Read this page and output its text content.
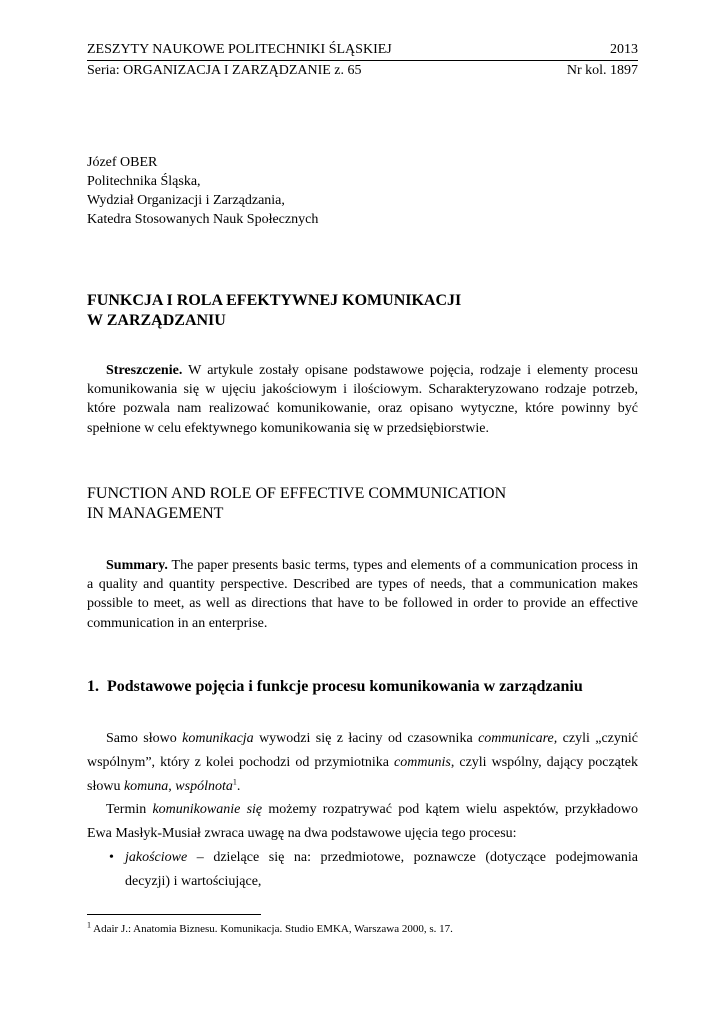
ZESZYTY NAUKOWE POLITECHNIKI ŚLĄSKIEJ	2013
Seria: ORGANIZACJA I ZARZĄDZANIE z. 65	Nr kol. 1897
Józef OBER
Politechnika Śląska,
Wydział Organizacji i Zarządzania,
Katedra Stosowanych Nauk Społecznych
FUNKCJA I ROLA EFEKTYWNEJ KOMUNIKACJI
W ZARZĄDZANIU
Streszczenie. W artykule zostały opisane podstawowe pojęcia, rodzaje i elementy procesu komunikowania się w ujęciu jakościowym i ilościowym. Scharakteryzowano rodzaje potrzeb, które pozwala nam realizować komunikowanie, oraz opisano wytyczne, które powinny być spełnione w celu efektywnego komunikowania się w przedsiębiorstwie.
FUNCTION AND ROLE OF EFFECTIVE COMMUNICATION
IN MANAGEMENT
Summary. The paper presents basic terms, types and elements of a communication process in a quality and quantity perspective. Described are types of needs, that a communication makes possible to meet, as well as directions that have to be followed in order to provide an effective communication in an enterprise.
1. Podstawowe pojęcia i funkcje procesu komunikowania w zarządzaniu

Samo słowo komunikacja wywodzi się z łaciny od czasownika communicare, czyli „czynić wspólnym”, który z kolei pochodzi od przymiotnika communis, czyli wspólny, dający początek słowu komuna, wspólnota$^1$.

Termin komunikowanie się możemy rozpatrywać pod kątem wielu aspektów, przykładowo Ewa Masłyk-Musiał zwraca uwagę na dwa podstawowe ujęcia tego procesu:

• jakościowe – dzielące się na: przedmiotowe, poznawcze (dotyczące podejmowania decyzji) i wartościujące,

$^1$ Adair J.: Anatomia Biznesu. Komunikacja. Studio EMKA, Warszawa 2000, s. 17.
